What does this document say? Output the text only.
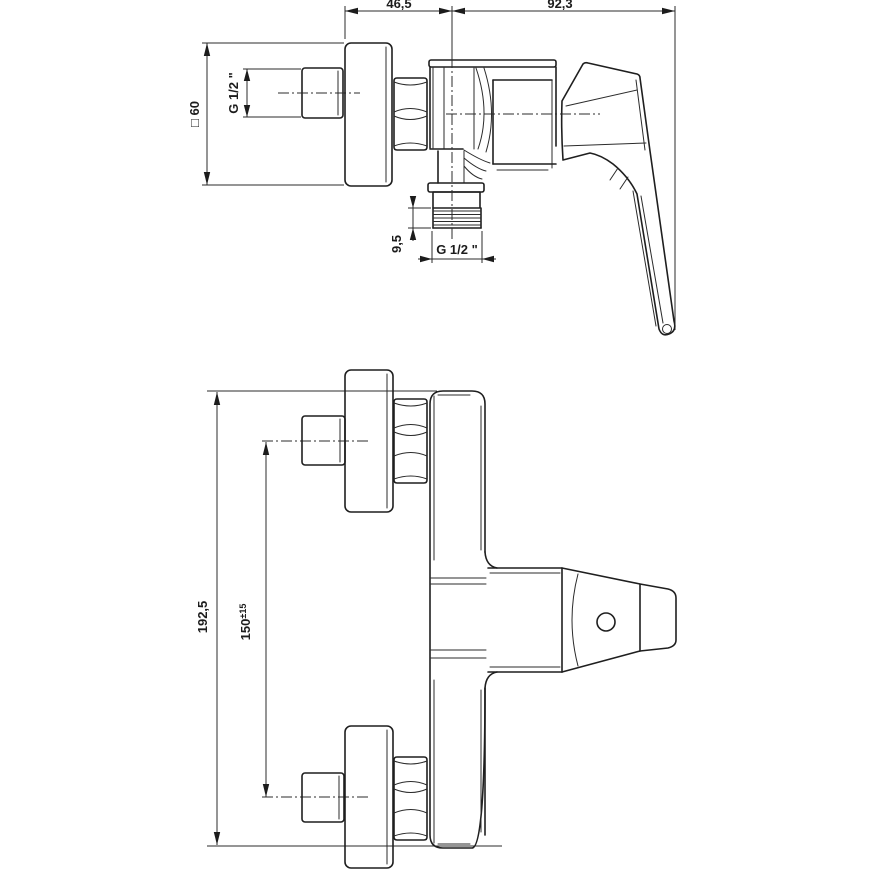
46,5	92,3
□ 60
G 1/2 "
9,5 G 1/2 "
192,5 $150^{\pm 15}$
